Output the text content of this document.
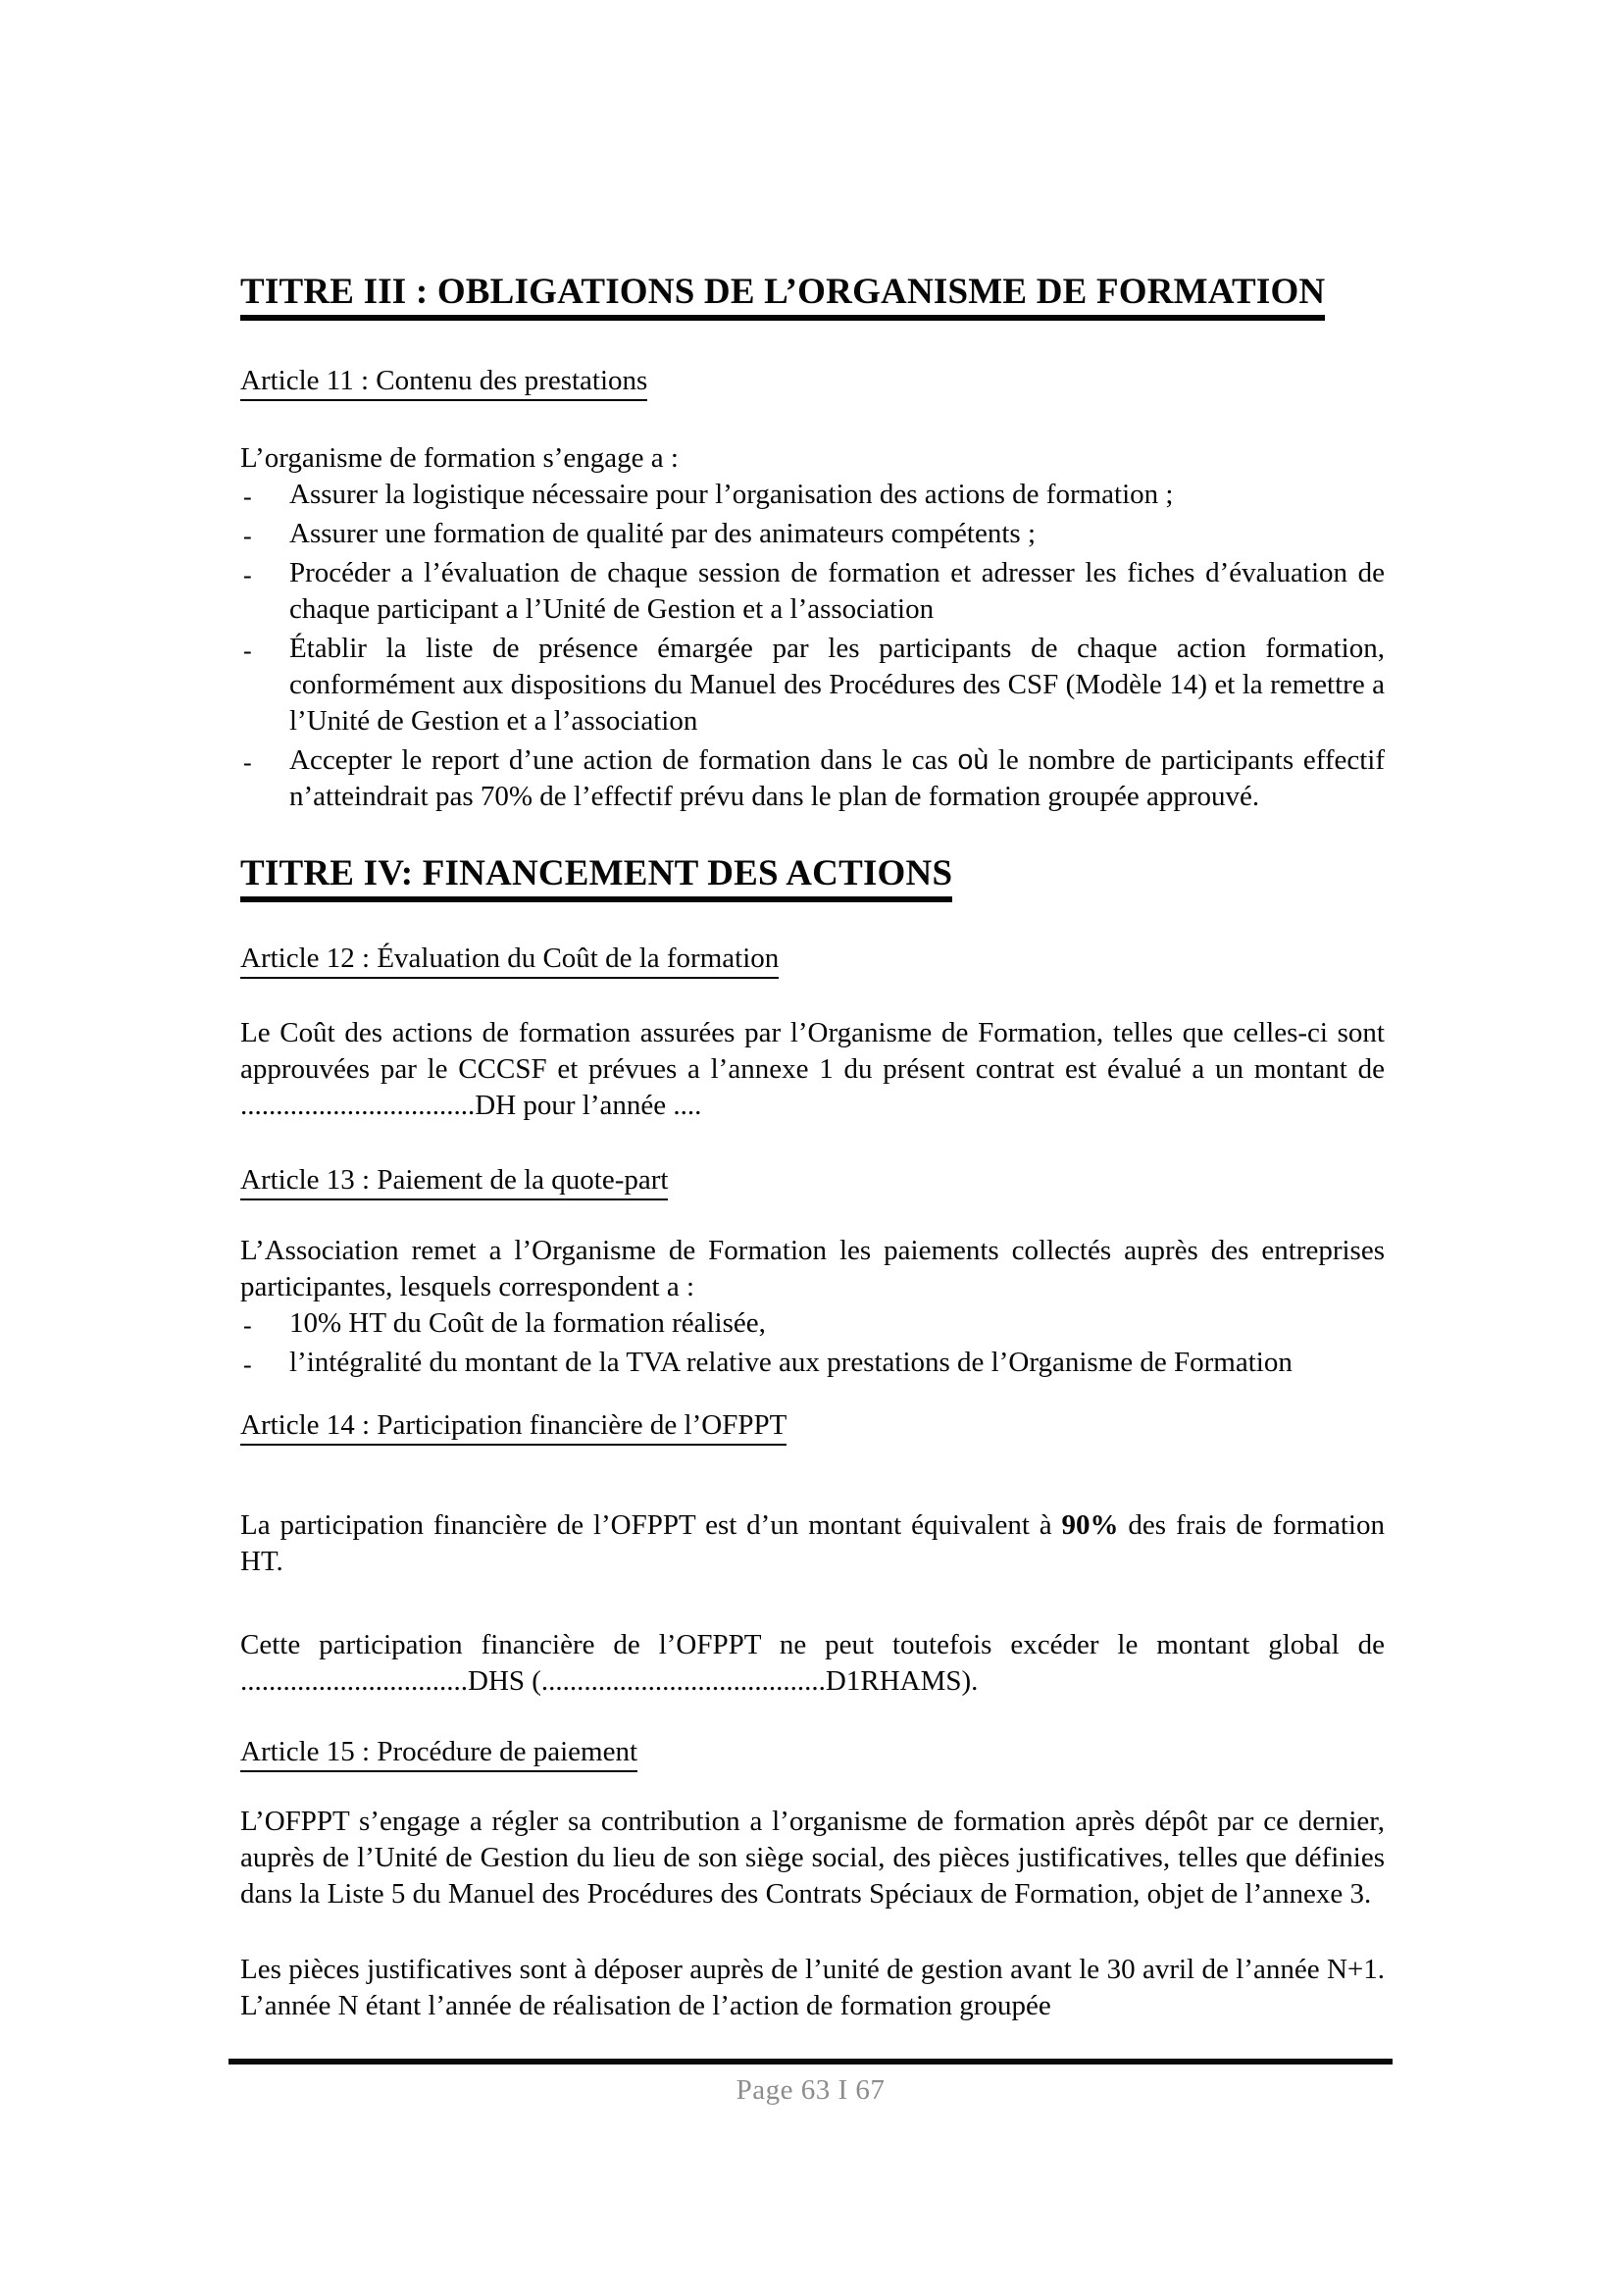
TITRE III : OBLIGATIONS DE L’ORGANISME DE FORMATION
Article 11 : Contenu des prestations

L’organisme de formation s’engage a :

- Assurer la logistique nécessaire pour l’organisation des actions de formation ;
- Assurer une formation de qualité par des animateurs compétents ;
- Procéder a l’évaluation de chaque session de formation et adresser les fiches d’évaluation de chaque participant a l’Unité de Gestion et a l’association
- Établir la liste de présence émargée par les participants de chaque action formation, conformément aux dispositions du Manuel des Procédures des CSF (Modèle 14) et la remettre a l’Unité de Gestion et a l’association
- Accepter le report d’une action de formation dans le cas où le nombre de participants effectif n’atteindrait pas 70% de l’effectif prévu dans le plan de formation groupée approuvé.
TITRE IV: FINANCEMENT DES ACTIONS
Article 12 : Évaluation du Coût de la formation

Le Coût des actions de formation assurées par l’Organisme de Formation, telles que celles-ci sont approuvées par le CCCSF et prévues a l’annexe 1 du présent contrat est évalué a un montant de .................................DH pour l’année ....

Article 13 : Paiement de la quote-part

L’Association remet a l’Organisme de Formation les paiements collectés auprès des entreprises participantes, lesquels correspondent a :

- 10% HT du Coût de la formation réalisée,
- l’intégralité du montant de la TVA relative aux prestations de l’Organisme de Formation
Article 14 : Participation financière de l’OFPPT

La participation financière de l’OFPPT est d’un montant équivalent à 90% des frais de formation HT.

Cette participation financière de l’OFPPT ne peut toutefois excéder le montant global de ................................DHS (........................................D1RHAMS).

Article 15 : Procédure de paiement

L’OFPPT s’engage a régler sa contribution a l’organisme de formation après dépôt par ce dernier, auprès de l’Unité de Gestion du lieu de son siège social, des pièces justificatives, telles que définies dans la Liste 5 du Manuel des Procédures des Contrats Spéciaux de Formation, objet de l’annexe 3.

Les pièces justificatives sont à déposer auprès de l’unité de gestion avant le 30 avril de l’année N+1. L’année N étant l’année de réalisation de l’action de formation groupée

Page 63 I 67
